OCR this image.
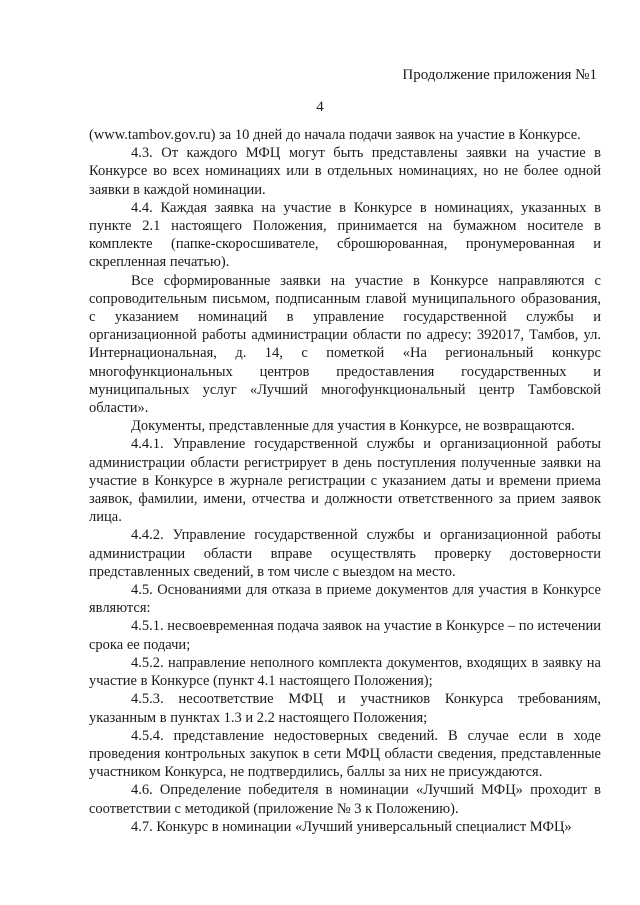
Продолжение приложения №1
4

(www.tambov.gov.ru) за 10 дней до начала подачи заявок на участие в Конкурсе.

4.3. От каждого МФЦ могут быть представлены заявки на участие в Конкурсе во всех номинациях или в отдельных номинациях, но не более одной заявки в каждой номинации.

4.4. Каждая заявка на участие в Конкурсе в номинациях, указанных в пункте 2.1 настоящего Положения, принимается на бумажном носителе в комплекте (папке-скоросшивателе, сброшюрованная, пронумерованная и скрепленная печатью).

Все сформированные заявки на участие в Конкурсе направляются с сопроводительным письмом, подписанным главой муниципального образования, с указанием номинаций в управление государственной службы и организационной работы администрации области по адресу: 392017, Тамбов, ул. Интернациональная, д. 14, с пометкой «На региональный конкурс многофункциональных центров предоставления государственных и муниципальных услуг «Лучший многофункциональный центр Тамбовской области».

Документы, представленные для участия в Конкурсе, не возвращаются.

4.4.1. Управление государственной службы и организационной работы администрации области регистрирует в день поступления полученные заявки на участие в Конкурсе в журнале регистрации с указанием даты и времени приема заявок, фамилии, имени, отчества и должности ответственного за прием заявок лица.

4.4.2. Управление государственной службы и организационной работы администрации области вправе осуществлять проверку достоверности представленных сведений, в том числе с выездом на место.

4.5. Основаниями для отказа в приеме документов для участия в Конкурсе являются:

4.5.1. несвоевременная подача заявок на участие в Конкурсе – по истечении срока ее подачи;

4.5.2. направление неполного комплекта документов, входящих в заявку на участие в Конкурсе (пункт 4.1 настоящего Положения);

4.5.3. несоответствие МФЦ и участников Конкурса требованиям, указанным в пунктах 1.3 и 2.2 настоящего Положения;

4.5.4. представление недостоверных сведений. В случае если в ходе проведения контрольных закупок в сети МФЦ области сведения, представленные участником Конкурса, не подтвердились, баллы за них не присуждаются.

4.6. Определение победителя в номинации «Лучший МФЦ» проходит в соответствии с методикой (приложение № 3 к Положению).

4.7. Конкурс в номинации «Лучший универсальный специалист МФЦ»
